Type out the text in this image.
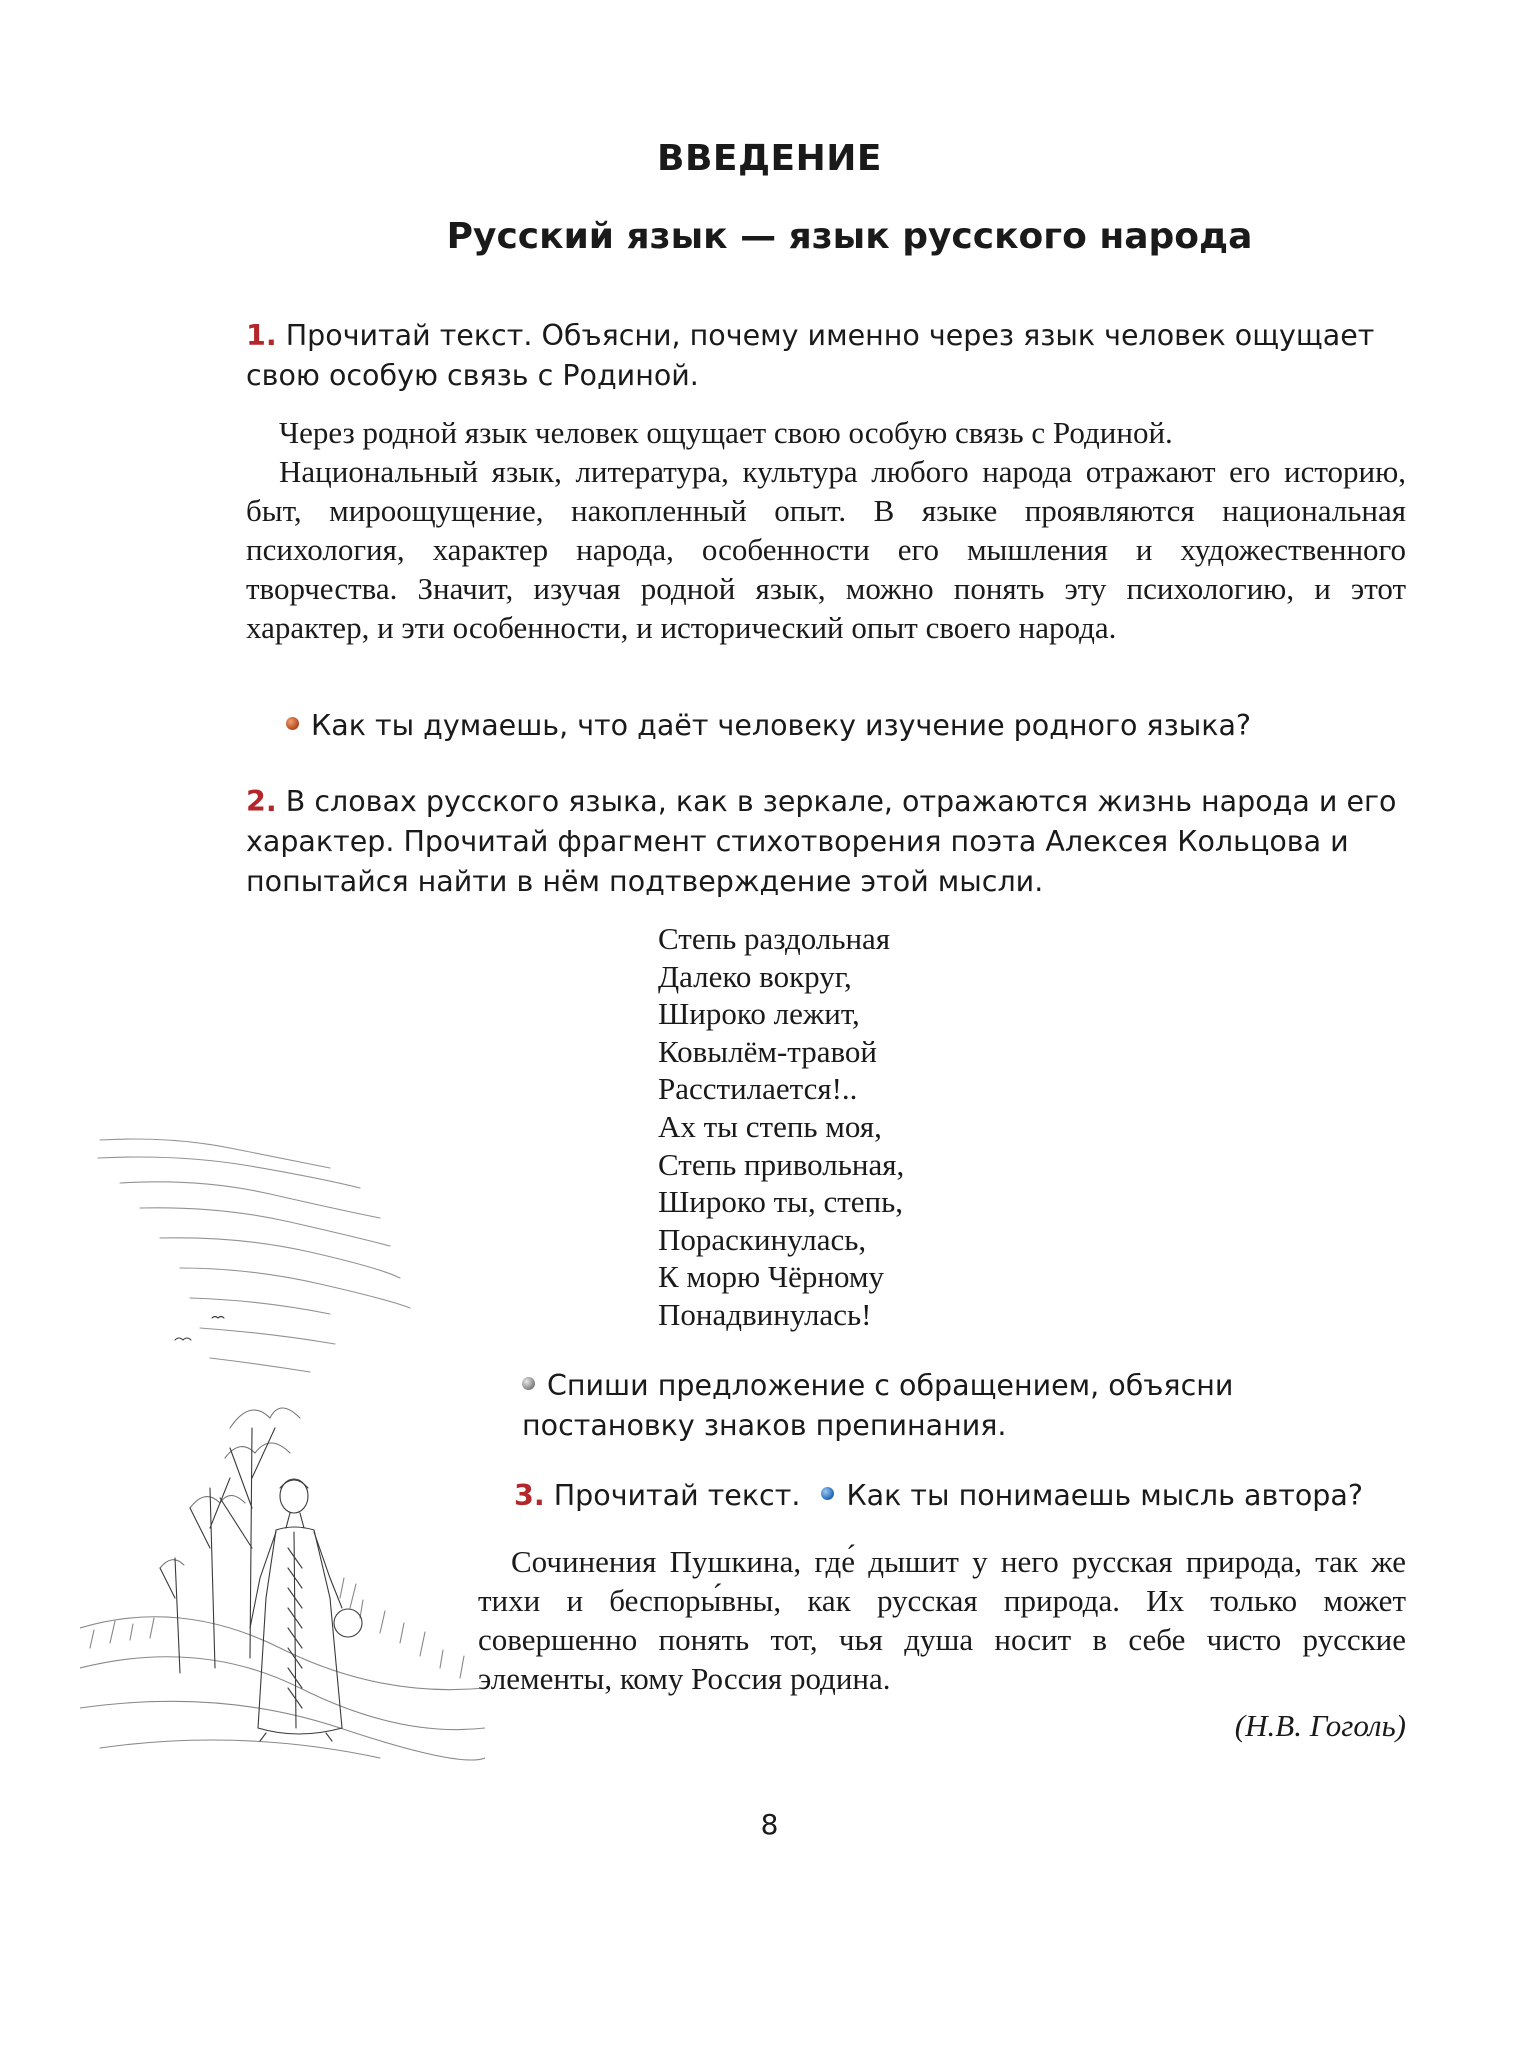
ВВЕДЕНИЕ
Русский язык — язык русского народа
1. Прочитай текст. Объясни, почему именно через язык человек ощущает свою особую связь с Родиной.

Через родной язык человек ощущает свою особую связь с Родиной.

Национальный язык, литература, культура любого народа отражают его историю, быт, мироощущение, накопленный опыт. В языке проявляются национальная психология, характер народа, особенности его мышления и художественного творчества. Значит, изучая родной язык, можно понять эту психологию, и этот характер, и эти особенности, и исторический опыт своего народа.

Как ты думаешь, что даёт человеку изучение родного языка?
2. В словах русского языка, как в зеркале, отражаются жизнь народа и его характер. Прочитай фрагмент стихотворения поэта Алексея Кольцова и попытайся найти в нём подтверждение этой мысли.
Степь раздольная
Далеко вокруг,
Широко лежит,
Ковылём-травой
Расстилается!..
Ах ты степь моя,
Степь привольная,
Широко ты, степь,
Пораскинулась,
К морю Чёрному
Понадвинулась!
Спиши предложение с обращением, объясни постановку знаков препинания.
3. Прочитай текст. Как ты понимаешь мысль автора?

Сочинения Пушкина, где́ дышит у него русская природа, так же тихи и беспоры́вны, как русская природа. Их только может совершенно понять тот, чья душа носит в себе чисто русские элементы, кому Россия родина.

(Н.В. Гоголь)
8
